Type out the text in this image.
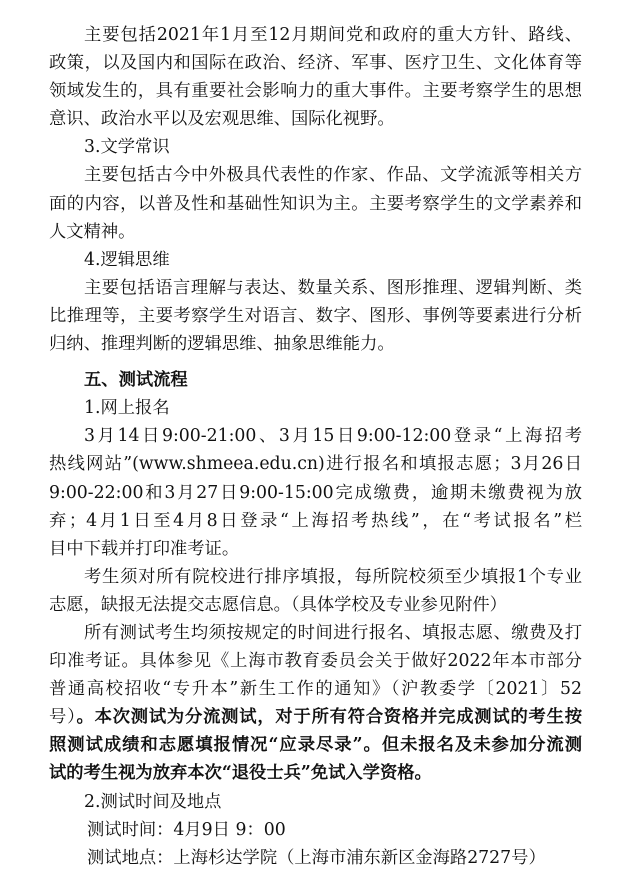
主要包括2021年1月至12月期间党和政府的重大方针、路线、
政策，以及国内和国际在政治、经济、军事、医疗卫生、文化体育等
领域发生的，具有重要社会影响力的重大事件。主要考察学生的思想
意识、政治水平以及宏观思维、国际化视野。
3.文学常识
主要包括古今中外极具代表性的作家、作品、文学流派等相关方
面的内容，以普及性和基础性知识为主。主要考察学生的文学素养和
人文精神。
4.逻辑思维
主要包括语言理解与表达、数量关系、图形推理、逻辑判断、类
比推理等，主要考察学生对语言、数字、图形、事例等要素进行分析
归纳、推理判断的逻辑思维、抽象思维能力。
五、测试流程
1.网上报名
3月14日9:00-21:00、3月15日9:00-12:00登录“上海招考
热线网站”(www.shmeea.edu.cn)进行报名和填报志愿；3月26日
9:00-22:00和3月27日9:00-15:00完成缴费，逾期未缴费视为放
弃；4月1日至4月8日登录“上海招考热线”，在“考试报名”栏
目中下载并打印准考证。
考生须对所有院校进行排序填报，每所院校须至少填报1个专业
志愿，缺报无法提交志愿信息。（具体学校及专业参见附件）
所有测试考生均须按规定的时间进行报名、填报志愿、缴费及打
印准考证。具体参见《上海市教育委员会关于做好2022年本市部分
普通高校招收“专升本”新生工作的通知》（沪教委学〔2021〕52
号）。本次测试为分流测试，对于所有符合资格并完成测试的考生按
照测试成绩和志愿填报情况“应录尽录”。但未报名及未参加分流测
试的考生视为放弃本次“退役士兵”免试入学资格。
2.测试时间及地点
测试时间：4月9日 9：00
测试地点：上海杉达学院（上海市浦东新区金海路2727号）
